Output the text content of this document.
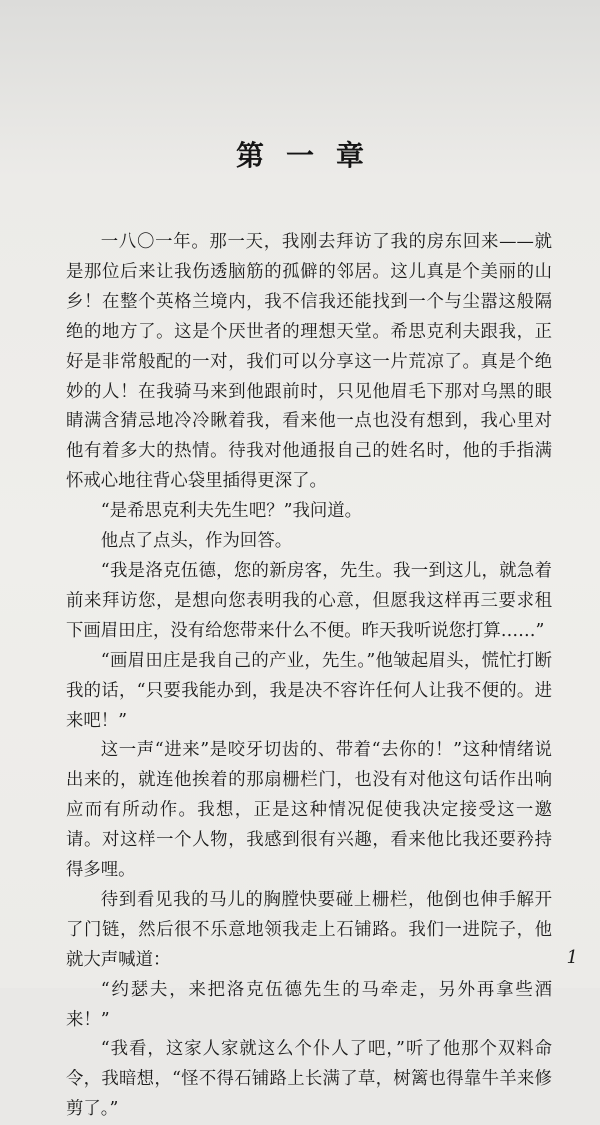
第一章

一八〇一年。那一天，我刚去拜访了我的房东回来——就是那位后来让我伤透脑筋的孤僻的邻居。这儿真是个美丽的山乡！在整个英格兰境内，我不信我还能找到一个与尘嚣这般隔绝的地方了。这是个厌世者的理想天堂。希思克利夫跟我，正好是非常般配的一对，我们可以分享这一片荒凉了。真是个绝妙的人！在我骑马来到他跟前时，只见他眉毛下那对乌黑的眼睛满含猜忌地冷冷瞅着我，看来他一点也没有想到，我心里对他有着多大的热情。待我对他通报自己的姓名时，他的手指满怀戒心地往背心袋里插得更深了。

“是希思克利夫先生吧？”我问道。

他点了点头，作为回答。

“我是洛克伍德，您的新房客，先生。我一到这儿，就急着前来拜访您，是想向您表明我的心意，但愿我这样再三要求租下画眉田庄，没有给您带来什么不便。昨天我听说您打算……”

“画眉田庄是我自己的产业，先生。”他皱起眉头，慌忙打断我的话，“只要我能办到，我是决不容许任何人让我不便的。进来吧！”

这一声“进来”是咬牙切齿的、带着“去你的！”这种情绪说出来的，就连他挨着的那扇栅栏门，也没有对他这句话作出响应而有所动作。我想，正是这种情况促使我决定接受这一邀请。对这样一个人物，我感到很有兴趣，看来他比我还要矜持得多哩。

待到看见我的马儿的胸膛快要碰上栅栏，他倒也伸手解开了门链，然后很不乐意地领我走上石铺路。我们一进院子，他就大声喊道：

“约瑟夫，来把洛克伍德先生的马牵走，另外再拿些酒来！”

“我看，这家人家就这么个仆人了吧，”听了他那个双料命令，我暗想，“怪不得石铺路上长满了草，树篱也得靠牛羊来修剪了。”

1
